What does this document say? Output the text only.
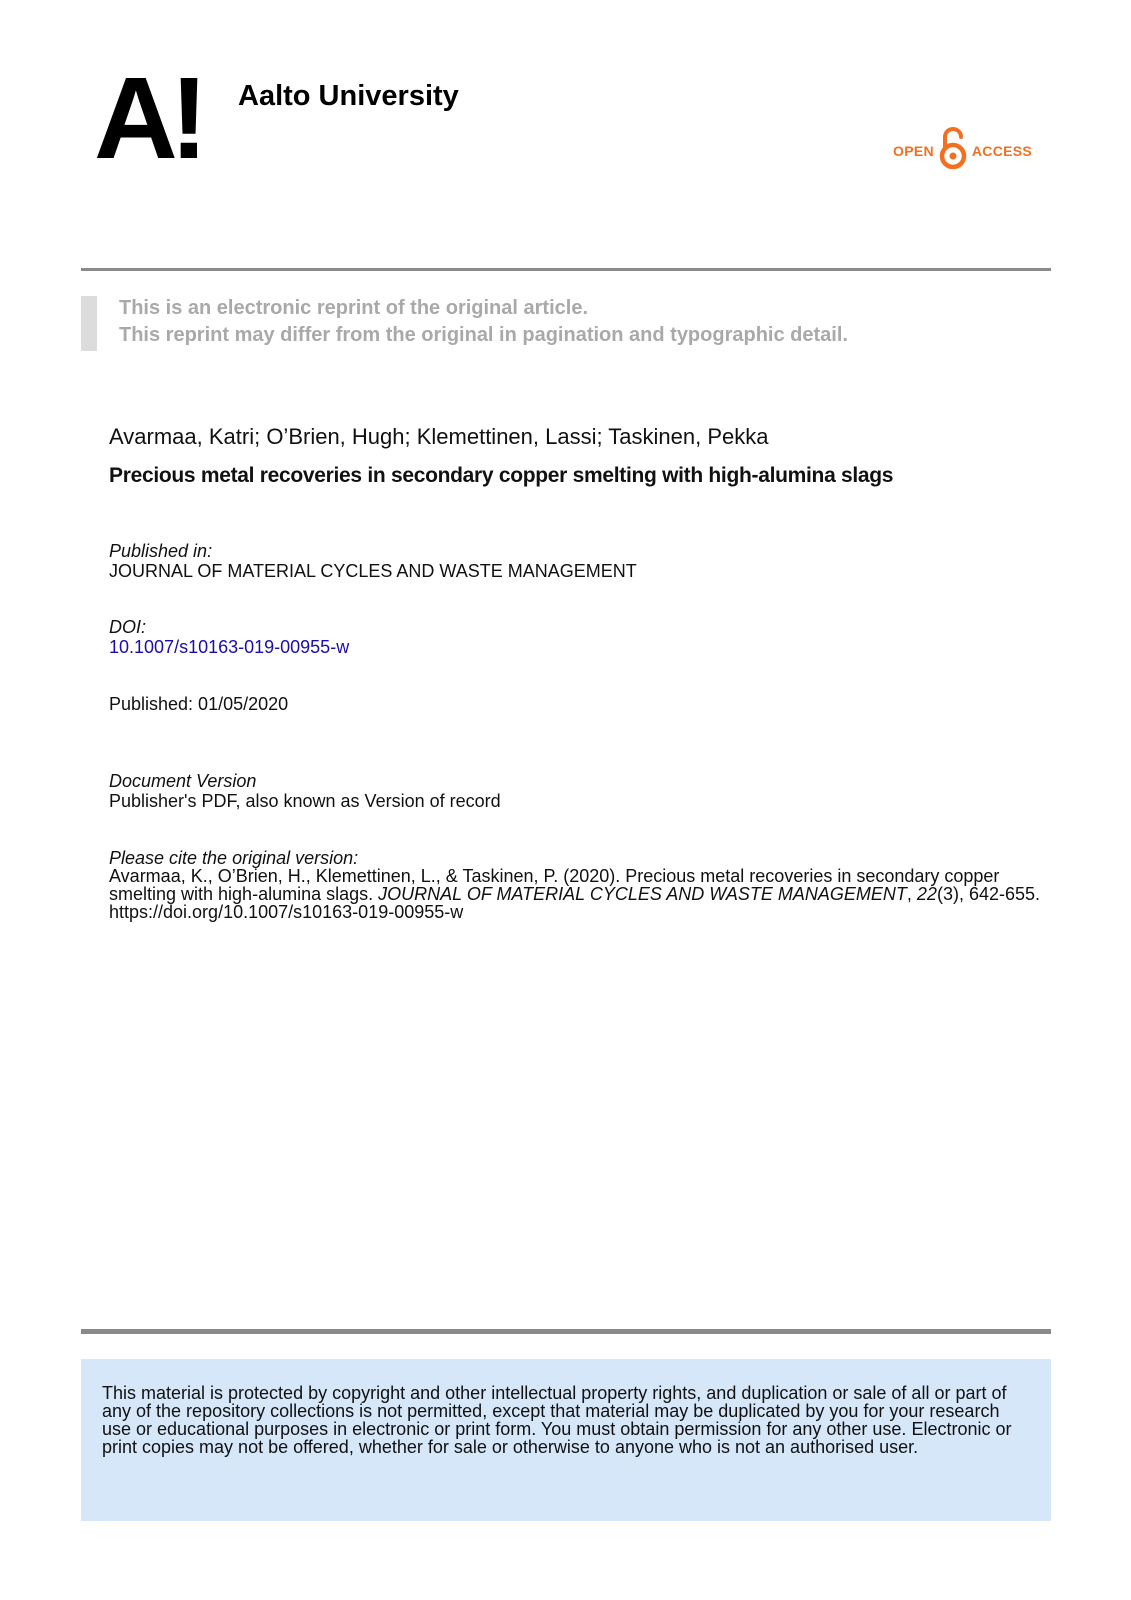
A! Aalto University
OPEN	ACCESS
This is an electronic reprint of the original article.
This reprint may differ from the original in pagination and typographic detail.
Avarmaa, Katri; O’Brien, Hugh; Klemettinen, Lassi; Taskinen, Pekka
Precious metal recoveries in secondary copper smelting with high-alumina slags
Published in:
JOURNAL OF MATERIAL CYCLES AND WASTE MANAGEMENT
DOI:
10.1007/s10163-019-00955-w
Published: 01/05/2020
Document Version
Publisher's PDF, also known as Version of record
Please cite the original version:
Avarmaa, K., O’Brien, H., Klemettinen, L., & Taskinen, P. (2020). Precious metal recoveries in secondary copper smelting with high-alumina slags. JOURNAL OF MATERIAL CYCLES AND WASTE MANAGEMENT, 22(3), 642-655. https://doi.org/10.1007/s10163-019-00955-w
This material is protected by copyright and other intellectual property rights, and duplication or sale of all or part of any of the repository collections is not permitted, except that material may be duplicated by you for your research use or educational purposes in electronic or print form. You must obtain permission for any other use. Electronic or print copies may not be offered, whether for sale or otherwise to anyone who is not an authorised user.
